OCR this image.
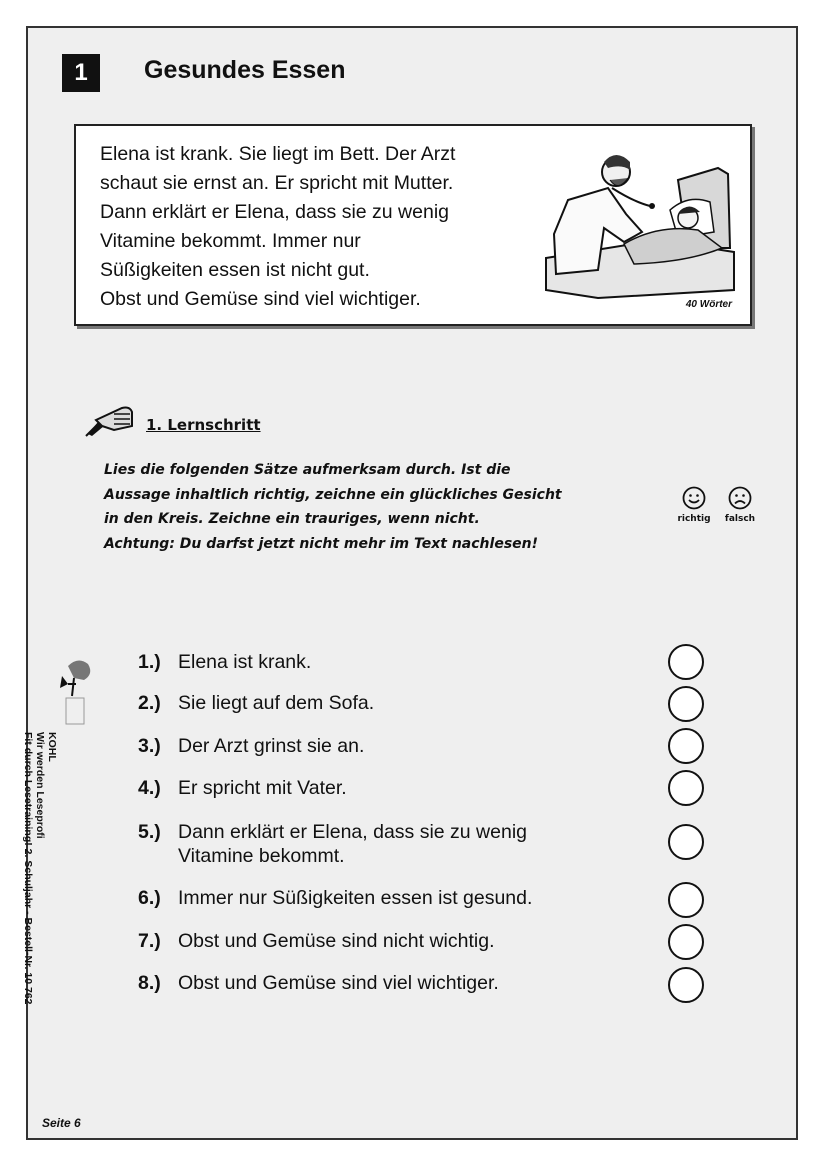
1	Gesundes Essen
Elena ist krank. Sie liegt im Bett. Der Arzt
schaut sie ernst an. Er spricht mit Mutter.
Dann erklärt er Elena, dass sie zu wenig
Vitamine bekommt. Immer nur
Süßigkeiten essen ist nicht gut.
Obst und Gemüse sind viel wichtiger.	40 Wörter
1. Lernschritt
Lies die folgenden Sätze aufmerksam durch. Ist die
Aussage inhaltlich richtig, zeichne ein glückliches Gesicht
in den Kreis. Zeichne ein trauriges, wenn nicht.
Achtung: Du darfst jetzt nicht mehr im Text nachlesen!
richtig	falsch
KOHL
Wir werden Leseprofi
Fit durch Lesetraining! 2. Schuljahr - Bestell-Nr. 10 762
1.) Elena ist krank.
2.) Sie liegt auf dem Sofa.
3.) Der Arzt grinst sie an.
4.) Er spricht mit Vater.
5.) Dann erklärt er Elena, dass sie zu wenig
Vitamine bekommt.
6.) Immer nur Süßigkeiten essen ist gesund.
7.) Obst und Gemüse sind nicht wichtig.
8.) Obst und Gemüse sind viel wichtiger.
Seite 6
